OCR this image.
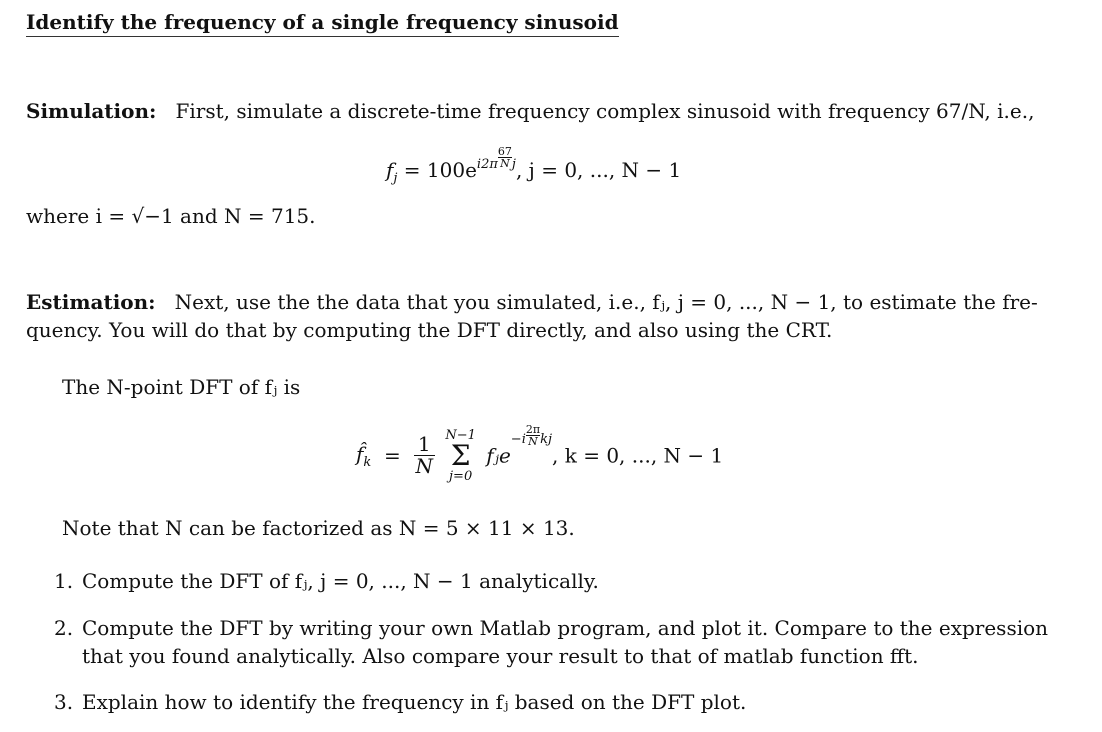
Identify the frequency of a single frequency sinusoid
Simulation: First, simulate a discrete-time frequency complex sinusoid with frequency 67/N, i.e.,
$f_j = 100e^{i2\pi} \frac{67}{N} ^j$, j = 0, ..., N − 1
where i = √−1 and N = 715.
Estimation: Next, use the the data that you simulated, i.e., fⱼ, j = 0, ..., N − 1, to estimate the fre-
quency. You will do that by computing the DFT directly, and also using the CRT.
The N-point DFT of fⱼ is
$f̂_k = \frac{1}{N}$
N−1
Σ
j=0
fⱼe$^{-i}$ $\frac{2\pi}{N} ^{kj}$, k = 0, ..., N − 1
Note that N can be factorized as N = 5 × 11 × 13.
1. Compute the DFT of fⱼ, j = 0, ..., N − 1 analytically.
2. Compute the DFT by writing your own Matlab program, and plot it. Compare to the expression
that you found analytically. Also compare your result to that of matlab function fft.
3. Explain how to identify the frequency in fⱼ based on the DFT plot.
